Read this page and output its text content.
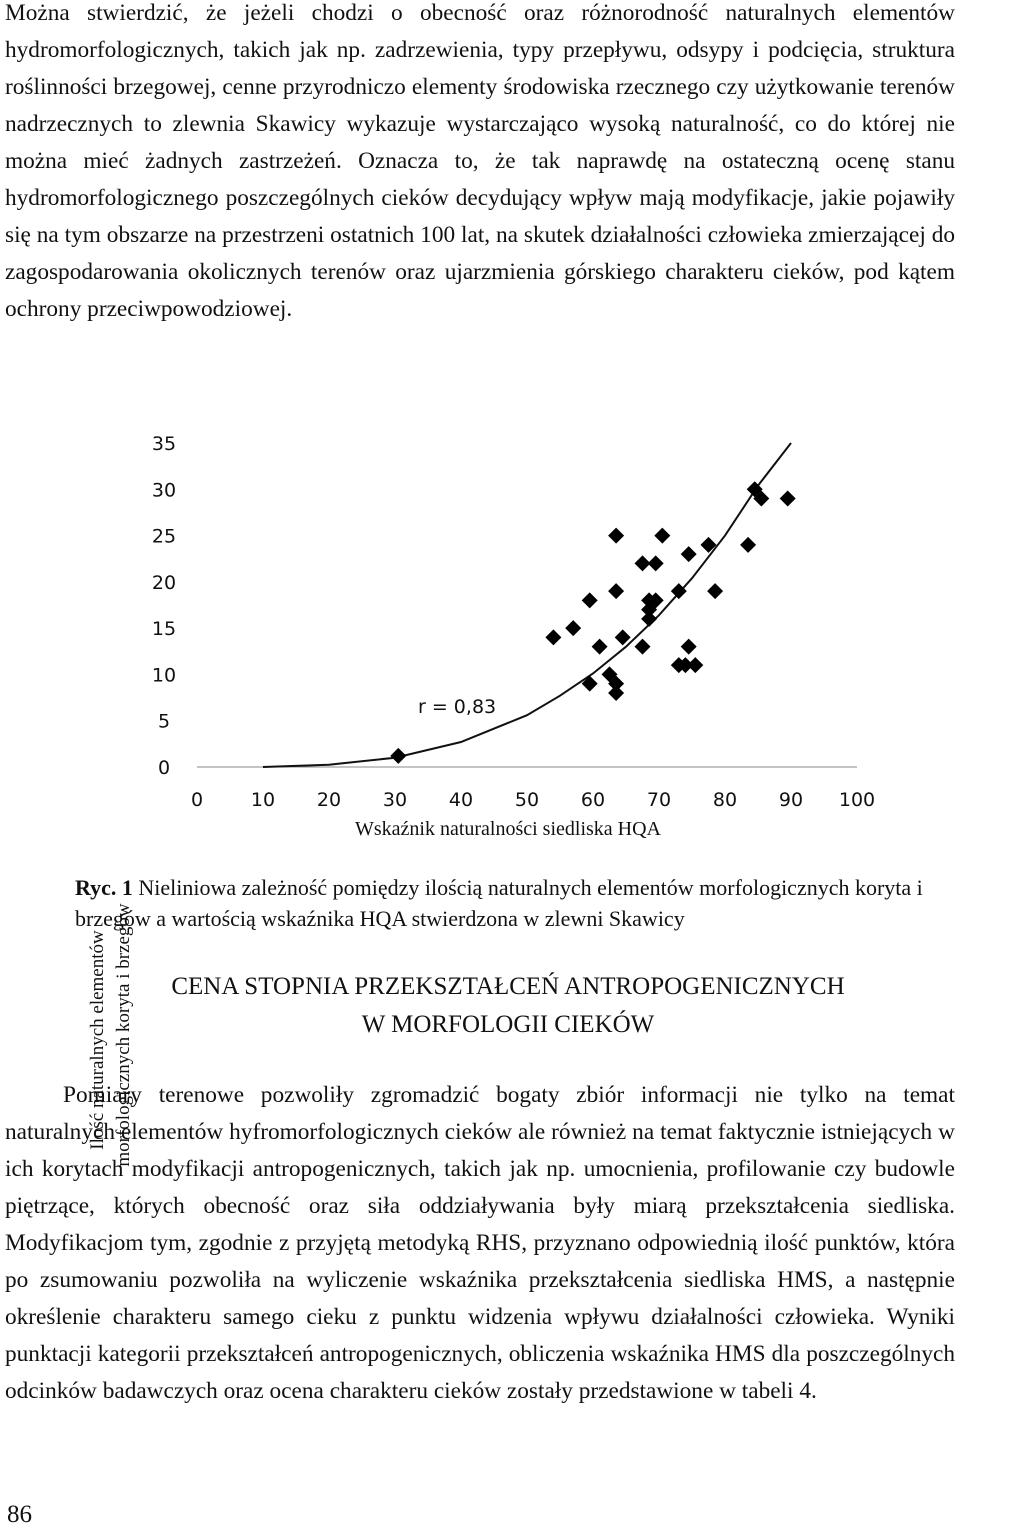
Można stwierdzić, że jeżeli chodzi o obecność oraz różnorodność naturalnych elementów hydromorfologicznych, takich jak np. zadrzewienia, typy przepływu, odsypy i podcięcia, struktura roślinności brzegowej, cenne przyrodniczo elementy środowiska rzecznego czy użytkowanie terenów nadrzecznych to zlewnia Skawicy wykazuje wystarczająco wysoką naturalność, co do której nie można mieć żadnych zastrzeżeń. Oznacza to, że tak naprawdę na ostateczną ocenę stanu hydromorfologicznego poszczególnych cieków decydujący wpływ mają modyfikacje, jakie pojawiły się na tym obszarze na przestrzeni ostatnich 100 lat, na skutek działalności człowieka zmierzającej do zagospodarowania okolicznych terenów oraz ujarzmienia górskiego charakteru cieków, pod kątem ochrony przeciwpowodziowej.
Ilość naturalnych elementów morfologicznych koryta i brzegów
0
5
10
15
20
25
30
35
0	10 20 30 40 50 60 70 80 90 100
r = 0,83
Wskaźnik naturalności siedliska HQA
Ryc. 1 Nieliniowa zależność pomiędzy ilością naturalnych elementów morfologicznych koryta i brzegów a wartością wskaźnika HQA stwierdzona w zlewni Skawicy
CENA STOPNIA PRZEKSZTAŁCEŃ ANTROPOGENICZNYCH
W MORFOLOGII CIEKÓW
Pomiary terenowe pozwoliły zgromadzić bogaty zbiór informacji nie tylko na temat naturalnych elementów hyfromorfologicznych cieków ale również na temat faktycznie istniejących w ich korytach modyfikacji antropogenicznych, takich jak np. umocnienia, profilowanie czy budowle piętrzące, których obecność oraz siła oddziaływania były miarą przekształcenia siedliska. Modyfikacjom tym, zgodnie z przyjętą metodyką RHS, przyznano odpowiednią ilość punktów, która po zsumowaniu pozwoliła na wyliczenie wskaźnika przekształcenia siedliska HMS, a następnie określenie charakteru samego cieku z punktu widzenia wpływu działalności człowieka. Wyniki punktacji kategorii przekształceń antropogenicznych, obliczenia wskaźnika HMS dla poszczególnych odcinków badawczych oraz ocena charakteru cieków zostały przedstawione w tabeli 4.
86
